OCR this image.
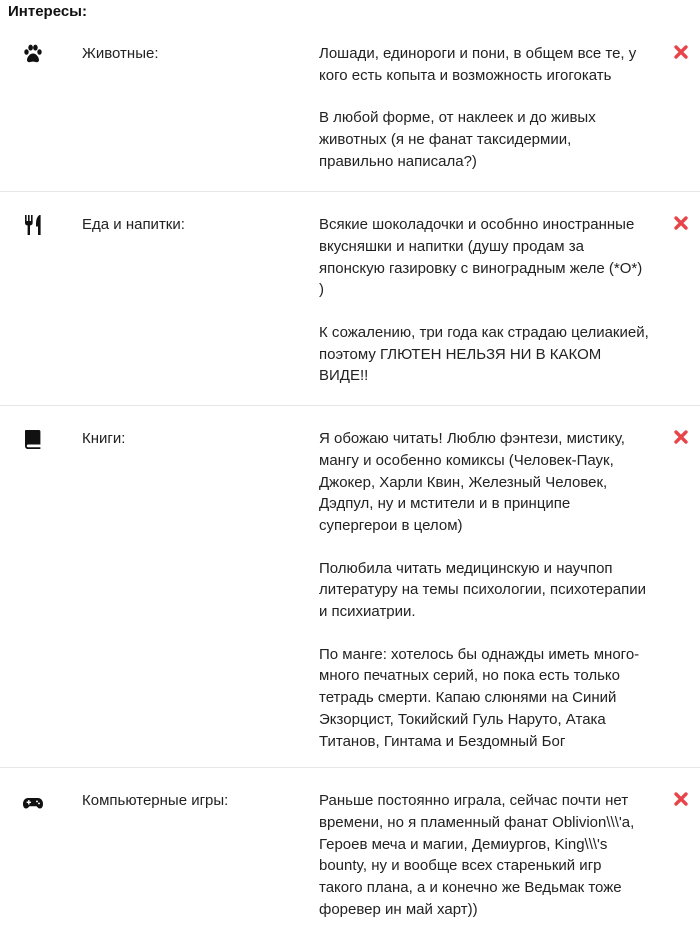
Интересы:
Животные:	Лошади, единороги и пони, в общем все те, у кого есть копыта и возможность игогокать

В любой форме, от наклеек и до живых животных (я не фанат таксидермии, правильно написала?)

Еда и напитки:	Всякие шоколадочки и особнно иностранные вкусняшки и напитки (душу продам за японскую газировку с виноградным желе (*О*) )

К сожалению, три года как страдаю целиакией, поэтому ГЛЮТЕН НЕЛЬЗЯ НИ В КАКОМ ВИДЕ!!

Книги:	Я обожаю читать! Люблю фэнтези, мистику, мангу и особенно комиксы (Человек-Паук, Джокер, Харли Квин, Железный Человек, Дэдпул, ну и мстители и в принципе супергерои в целом)

Полюбила читать медицинскую и научпоп литературу на темы психологии, психотерапии и психиатрии.

По манге: хотелось бы однажды иметь много-много печатных серий, но пока есть только тетрадь смерти. Капаю слюнями на Синий Экзорцист, Токийский Гуль Наруто, Атака Титанов, Гинтама и Бездомный Бог

Компьютерные игры:	Раньше постоянно играла, сейчас почти нет времени, но я пламенный фанат Oblivion\\\'а, Героев меча и магии, Демиургов, King\\\'s bounty, ну и вообще всех старенький игр такого плана, а и конечно же Ведьмак тоже форевер ин май харт))
